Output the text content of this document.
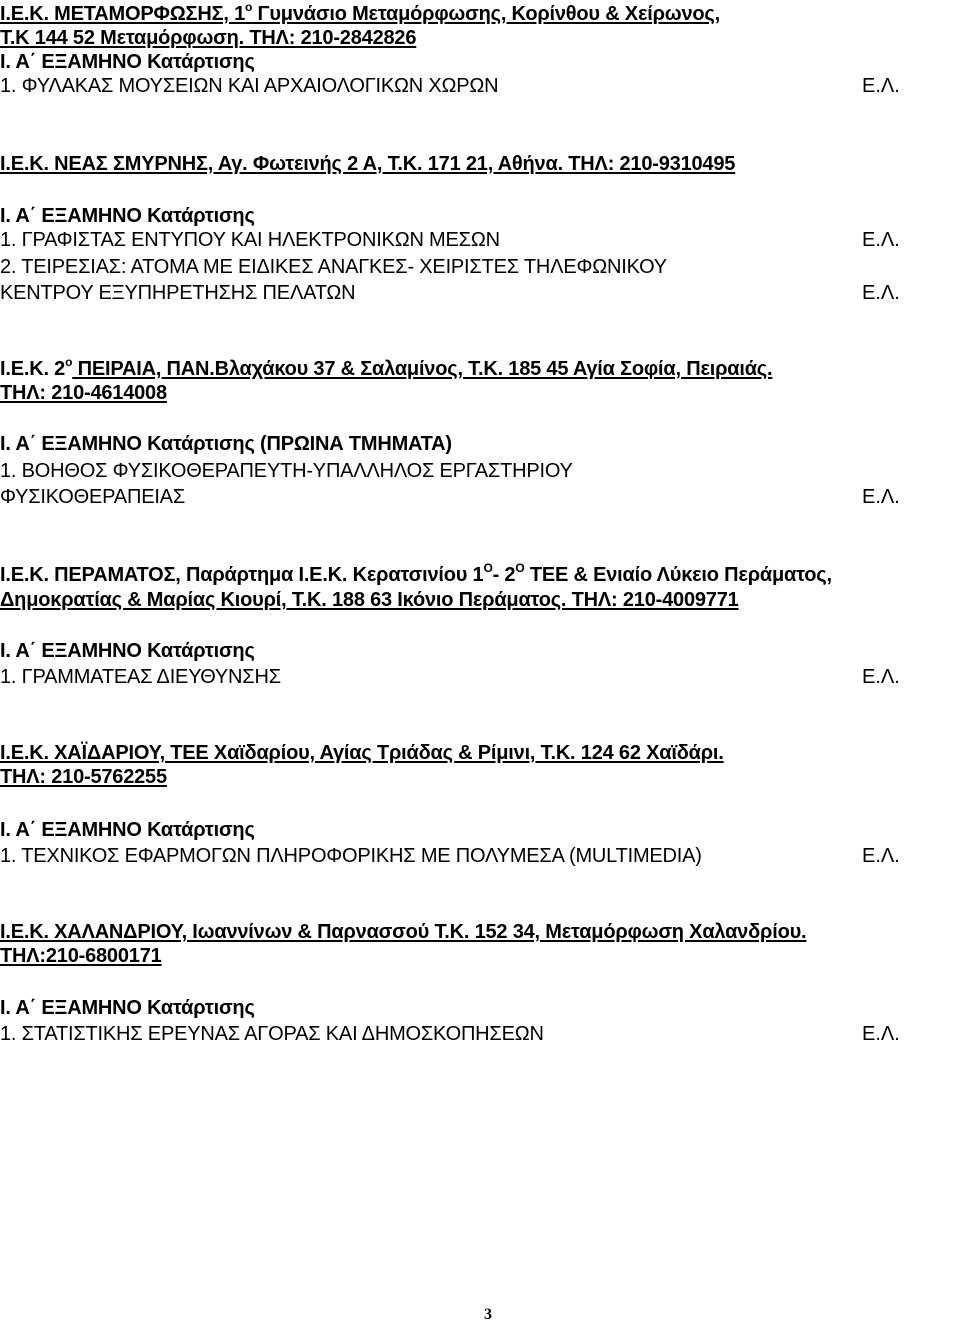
Ι.Ε.Κ. ΜΕΤΑΜΟΡΦΩΣΗΣ, $1^o$ Γυμνάσιο Μεταμόρφωσης, Κορίνθου & Χείρωνος,
Τ.Κ 144 52 Μεταμόρφωση. ΤΗΛ: 210-2842826
Ι. Α΄ ΕΞΑΜΗΝΟ Κατάρτισης
1. ΦΥΛΑΚΑΣ ΜΟΥΣΕΙΩΝ ΚΑΙ ΑΡΧΑΙΟΛΟΓΙΚΩΝ ΧΩΡΩΝ	Ε.Λ.
Ι.Ε.Κ. ΝΕΑΣ ΣΜΥΡΝΗΣ, Αγ. Φωτεινής 2 Α, Τ.Κ. 171 21, Αθήνα. ΤΗΛ: 210-9310495
Ι. Α΄ ΕΞΑΜΗΝΟ Κατάρτισης
1. ΓΡΑΦΙΣΤΑΣ ΕΝΤΥΠΟΥ ΚΑΙ ΗΛΕΚΤΡΟΝΙΚΩΝ ΜΕΣΩΝ	Ε.Λ.
2. ΤΕΙΡΕΣΙΑΣ: ΑΤΟΜΑ ΜΕ ΕΙΔΙΚΕΣ ΑΝΑΓΚΕΣ- ΧΕΙΡΙΣΤΕΣ ΤΗΛΕΦΩΝΙΚΟΥ
ΚΕΝΤΡΟΥ ΕΞΥΠΗΡΕΤΗΣΗΣ ΠΕΛΑΤΩΝ	Ε.Λ.
Ι.Ε.Κ. $2^o$ ΠΕΙΡΑΙΑ, ΠΑΝ.Βλαχάκου 37 & Σαλαμίνος, Τ.Κ. 185 45 Αγία Σοφία, Πειραιάς.
ΤΗΛ: 210-4614008
Ι. Α΄ ΕΞΑΜΗΝΟ Κατάρτισης (ΠΡΩΙΝΑ ΤΜΗΜΑΤΑ)
1. ΒΟΗΘΟΣ ΦΥΣΙΚΟΘΕΡΑΠΕΥΤΗ-ΥΠΑΛΛΗΛΟΣ ΕΡΓΑΣΤΗΡΙΟΥ
ΦΥΣΙΚΟΘΕΡΑΠΕΙΑΣ	Ε.Λ.
Ι.Ε.Κ. ΠΕΡΑΜΑΤΟΣ, Παράρτημα Ι.Ε.Κ. Κερατσινίου $1^O-$ $2^O$ ΤΕΕ & Ενιαίο Λύκειο Περάματος,
Δημοκρατίας & Μαρίας Κιουρί, Τ.Κ. 188 63 Ικόνιο Περάματος. ΤΗΛ: 210-4009771
Ι. Α΄ ΕΞΑΜΗΝΟ Κατάρτισης
1. ΓΡΑΜΜΑΤΕΑΣ ΔΙΕΥΘΥΝΣΗΣ	Ε.Λ.
Ι.Ε.Κ. ΧΑΪΔΑΡΙΟΥ, ΤΕΕ Χαϊδαρίου, Αγίας Τριάδας & Ρίμινι, Τ.Κ. 124 62 Χαϊδάρι.
ΤΗΛ: 210-5762255
Ι. Α΄ ΕΞΑΜΗΝΟ Κατάρτισης
1. ΤΕΧΝΙΚΟΣ ΕΦΑΡΜΟΓΩΝ ΠΛΗΡΟΦΟΡΙΚΗΣ ΜΕ ΠΟΛΥΜΕΣΑ (MULTIMEDIA)	Ε.Λ.
Ι.Ε.Κ. ΧΑΛΑΝΔΡΙΟΥ, Ιωαννίνων & Παρνασσού Τ.Κ. 152 34, Μεταμόρφωση Χαλανδρίου.
ΤΗΛ:210-6800171
Ι. Α΄ ΕΞΑΜΗΝΟ Κατάρτισης
1. ΣΤΑΤΙΣΤΙΚΗΣ ΕΡΕΥΝΑΣ ΑΓΟΡΑΣ ΚΑΙ ΔΗΜΟΣΚΟΠΗΣΕΩΝ	Ε.Λ.
3
